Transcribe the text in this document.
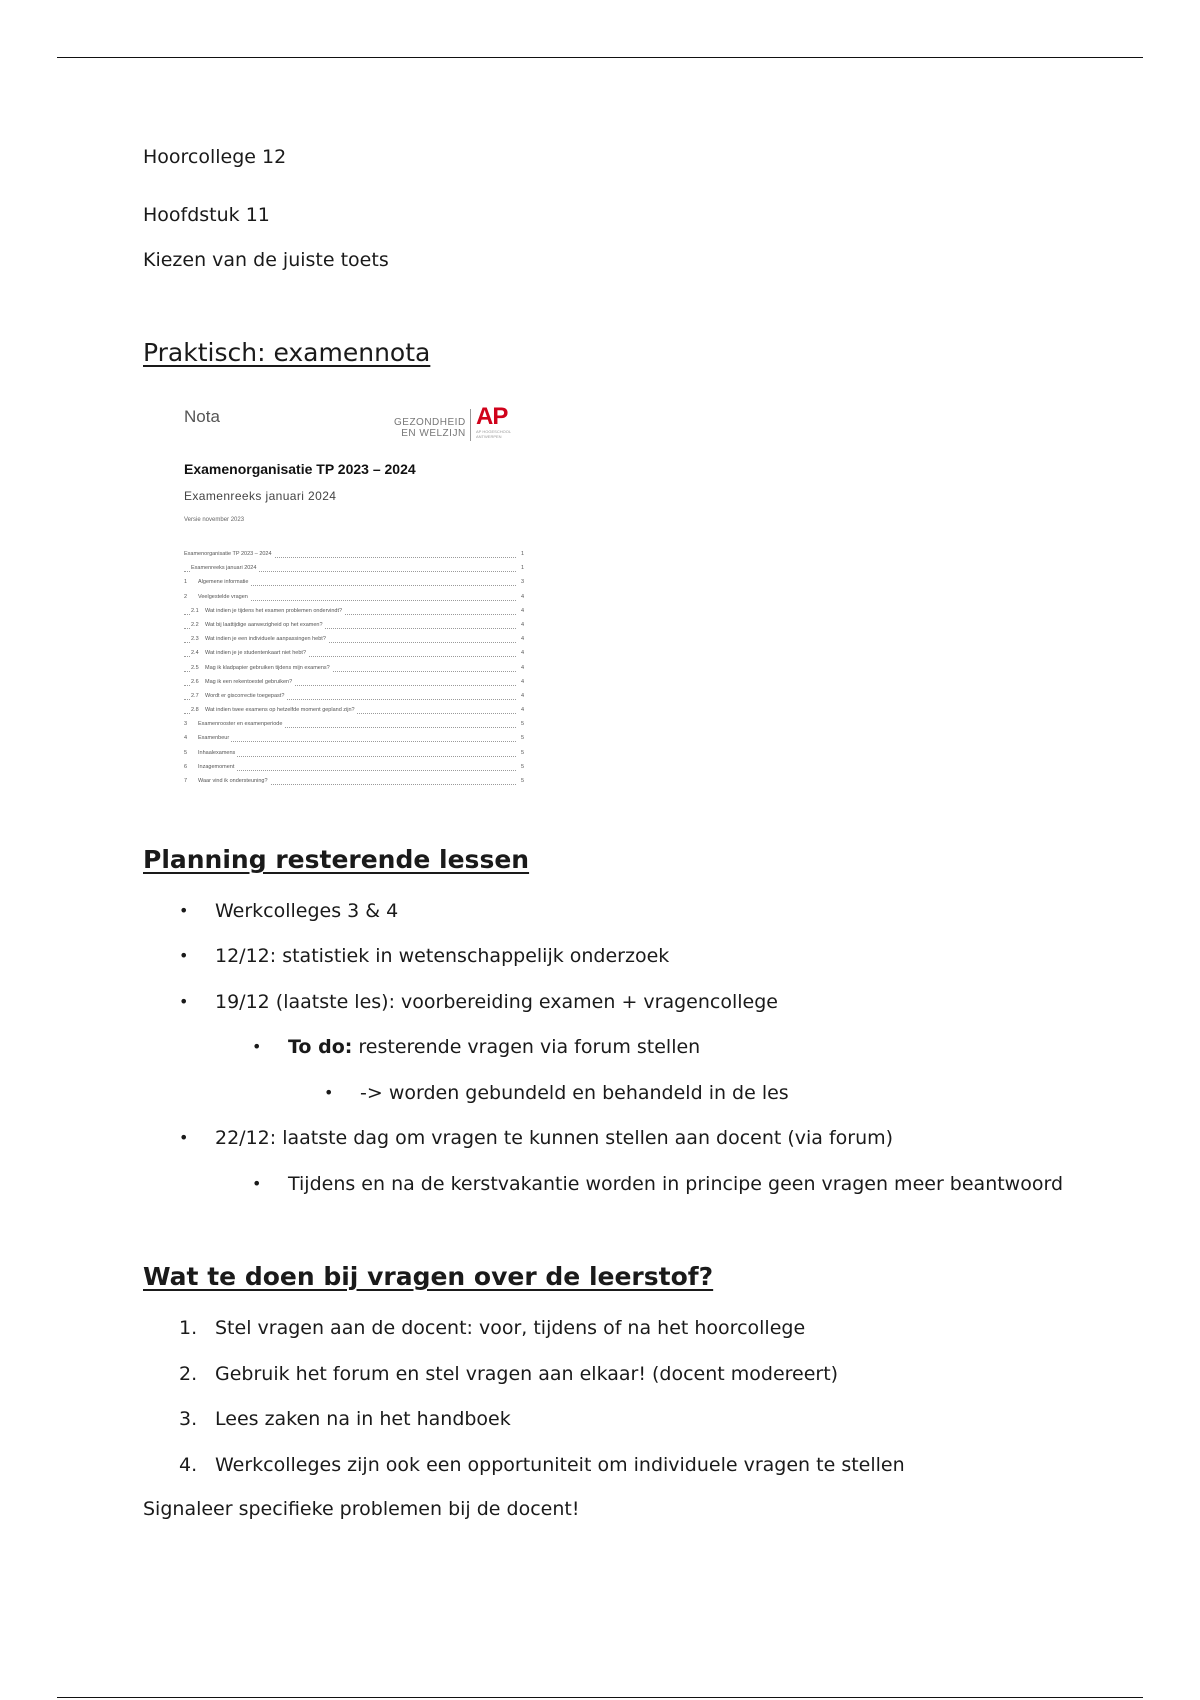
Hoorcollege 12
Hoofdstuk 11
Kiezen van de juiste toets
Praktisch: examennota
Nota	GEZONDHEID
EN WELZIJN
AP
AP HOGESCHOOL
ANTWERPEN
Examenorganisatie TP 2023 – 2024
Examenreeks januari 2024
Versie november 2023
Examenorganisatie TP 2023 – 2024	1
Examenreeks januari 2024	1
1 Algemene informatie	3
2 Veelgestelde vragen	4
2.1 Wat indien je tijdens het examen problemen ondervindt?	4
2.2 Wat bij laattijdige aanwezigheid op het examen?	4
2.3 Wat indien je een individuele aanpassingen hebt?	4
2.4 Wat indien je je studentenkaart niet hebt?	4
2.5 Mag ik kladpapier gebruiken tijdens mijn examens?	4
2.6 Mag ik een rekentoestel gebruiken?	4
2.7 Wordt er giscorrectie toegepast?	4
2.8 Wat indien twee examens op hetzelfde moment gepland zijn?	4
3 Examenrooster en examenperiode	5
4 Examenbeur	5
5 Inhaalexamens	5
6 Inzagemoment	5
7 Waar vind ik ondersteuning?	5
Planning resterende lessen
• Werkcolleges 3 & 4
• 12/12: statistiek in wetenschappelijk onderzoek
• 19/12 (laatste les): voorbereiding examen + vragencollege
• To do: resterende vragen via forum stellen
• -> worden gebundeld en behandeld in de les
• 22/12: laatste dag om vragen te kunnen stellen aan docent (via forum)
• Tijdens en na de kerstvakantie worden in principe geen vragen meer beantwoord
Wat te doen bij vragen over de leerstof?
1. Stel vragen aan de docent: voor, tijdens of na het hoorcollege
2. Gebruik het forum en stel vragen aan elkaar! (docent modereert)
3. Lees zaken na in het handboek
4. Werkcolleges zijn ook een opportuniteit om individuele vragen te stellen
Signaleer specifieke problemen bij de docent!
